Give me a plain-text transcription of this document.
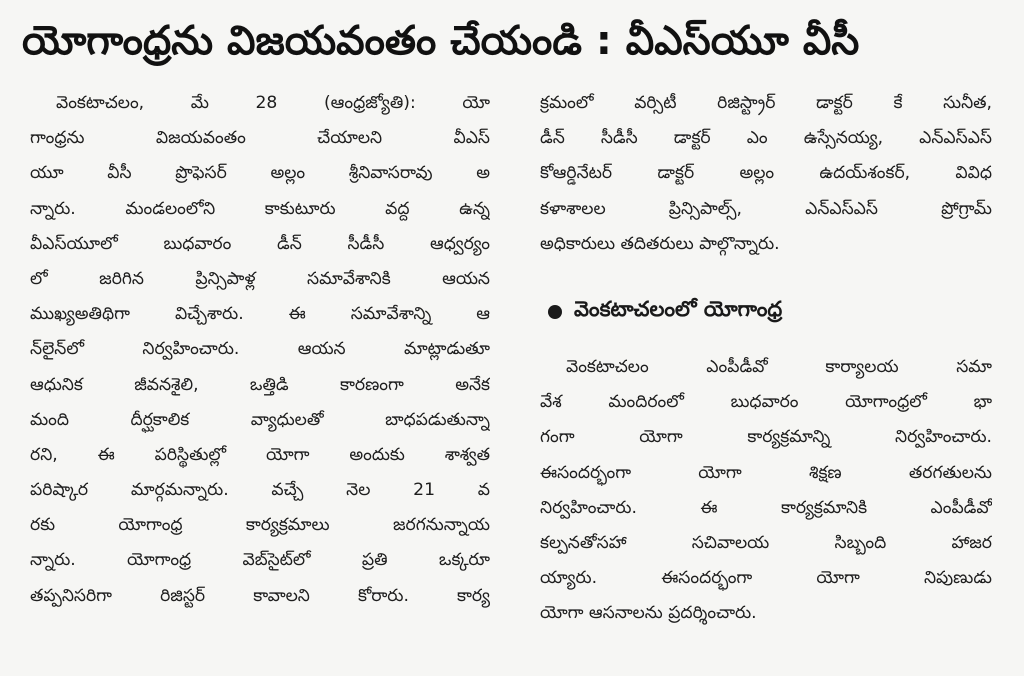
యోగాంధ్రను విజయవంతం చేయండి : వీఎస్‌యూ వీసీ
వెంకటాచలం, మే 28 (ఆంధ్రజ్యోతి): యో
గాంధ్రను విజయవంతం చేయాలని వీఎస్
యూ వీసీ ప్రొఫెసర్ అల్లం శ్రీనివాసరావు అ
న్నారు. మండలంలోని కాకుటూరు వద్ద ఉన్న
వీఎస్‌యూలో బుధవారం డీన్ సీడీసీ ఆధ్వర్యం
లో జరిగిన ప్రిన్సిపాళ్ల సమావేశానికి ఆయన
ముఖ్యఅతిథిగా విచ్చేశారు. ఈ సమావేశాన్ని ఆ
న్‌లైన్‌లో నిర్వహించారు. ఆయన మాట్లాడుతూ
ఆధునిక జీవనశైలి, ఒత్తిడి కారణంగా అనేక
మంది దీర్ఘకాలిక వ్యాధులతో బాధపడుతున్నా
రని, ఈ పరిస్థితుల్లో యోగా అందుకు శాశ్వత
పరిష్కార మార్గమన్నారు. వచ్చే నెల 21 వ
రకు యోగాంధ్ర కార్యక్రమాలు జరగనున్నాయ
న్నారు. యోగాంధ్ర వెబ్‌సైట్‌లో ప్రతి ఒక్కరూ
తప్పనిసరిగా రిజిస్టర్ కావాలని కోరారు. కార్య
క్రమంలో వర్సిటీ రిజిస్ట్రార్ డాక్టర్ కే సునీత,
డీన్ సీడీసీ డాక్టర్ ఎం ఉస్సేనయ్య, ఎన్ఎస్ఎస్
కోఆర్డినేటర్ డాక్టర్ అల్లం ఉదయ్‌శంకర్, వివిధ
కళాశాలల ప్రిన్సిపాల్స్, ఎన్ఎస్ఎస్ ప్రోగ్రామ్
అధికారులు తదితరులు పాల్గొన్నారు.
వెంకటాచలంలో యోగాంధ్ర
వెంకటాచలం ఎంపీడీవో కార్యాలయ సమా
వేశ మందిరంలో బుధవారం యోగాంధ్రలో భా
గంగా యోగా కార్యక్రమాన్ని నిర్వహించారు.
ఈసందర్భంగా యోగా శిక్షణ తరగతులను
నిర్వహించారు. ఈ కార్యక్రమానికి ఎంపీడీవో
కల్పనతోసహా సచివాలయ సిబ్బంది హాజర
య్యారు. ఈసందర్భంగా యోగా నిపుణుడు
యోగా ఆసనాలను ప్రదర్శించారు.
